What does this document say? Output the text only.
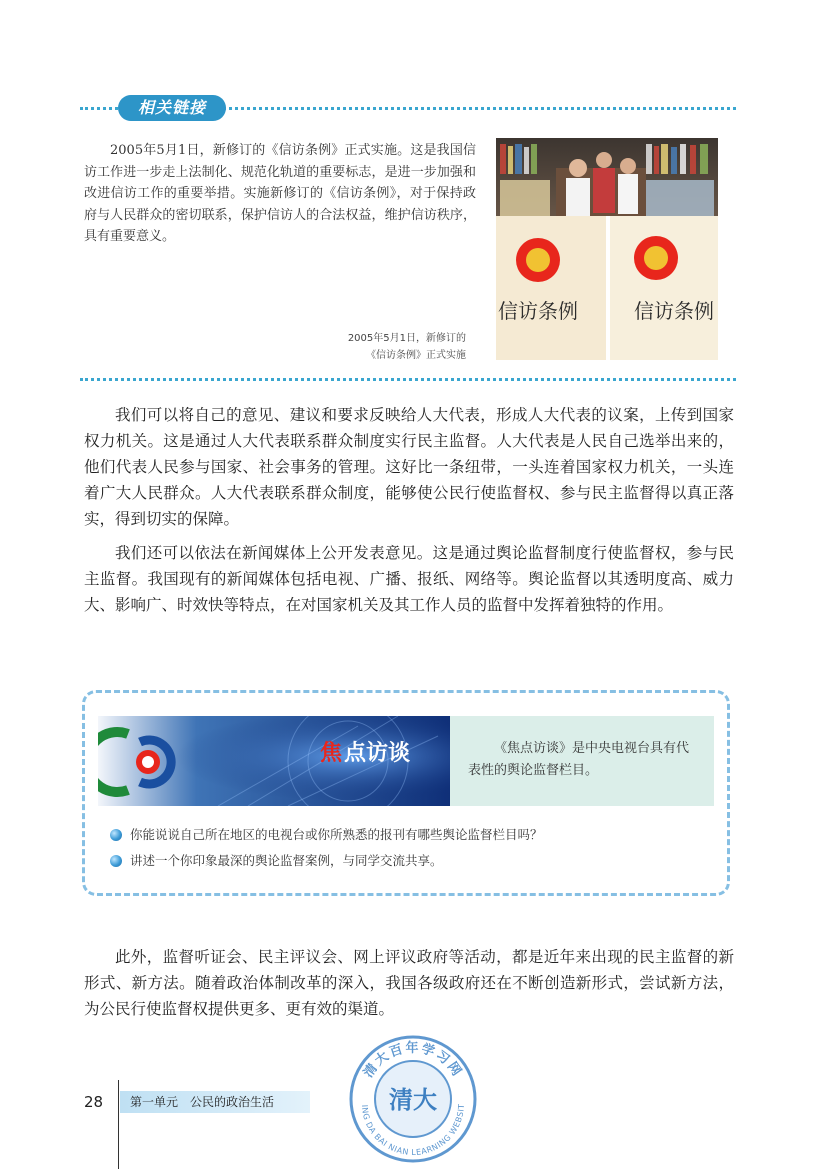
相关链接
2005年5月1日，新修订的《信访条例》正式实施。这是我国信访工作进一步走上法制化、规范化轨道的重要标志，是进一步加强和改进信访工作的重要举措。实施新修订的《信访条例》，对于保持政府与人民群众的密切联系，保护信访人的合法权益，维护信访秩序，具有重要意义。
信访条例	信访条例
2005年5月1日，新修订的
《信访条例》正式实施

我们可以将自己的意见、建议和要求反映给人大代表，形成人大代表的议案，上传到国家权力机关。这是通过人大代表联系群众制度实行民主监督。人大代表是人民自己选举出来的，他们代表人民参与国家、社会事务的管理。这好比一条纽带，一头连着国家权力机关，一头连着广大人民群众。人大代表联系群众制度，能够使公民行使监督权、参与民主监督得以真正落实，得到切实的保障。

我们还可以依法在新闻媒体上公开发表意见。这是通过舆论监督制度行使监督权，参与民主监督。我国现有的新闻媒体包括电视、广播、报纸、网络等。舆论监督以其透明度高、威力大、影响广、时效快等特点，在对国家机关及其工作人员的监督中发挥着独特的作用。

焦 点访谈	《焦点访谈》是中央电视台具有代表性的舆论监督栏目。
你能说说自己所在地区的电视台或你所熟悉的报刊有哪些舆论监督栏目吗？
讲述一个你印象最深的舆论监督案例，与同学交流共享。

此外，监督听证会、民主评议会、网上评议政府等活动，都是近年来出现的民主监督的新形式、新方法。随着政治体制改革的深入，我国各级政府还在不断创造新形式，尝试新方法，为公民行使监督权提供更多、更有效的渠道。

清大百年学习网
ING DA BAI NIAN LEARNING WEBSIT
清大
28 第一单元　公民的政治生活
